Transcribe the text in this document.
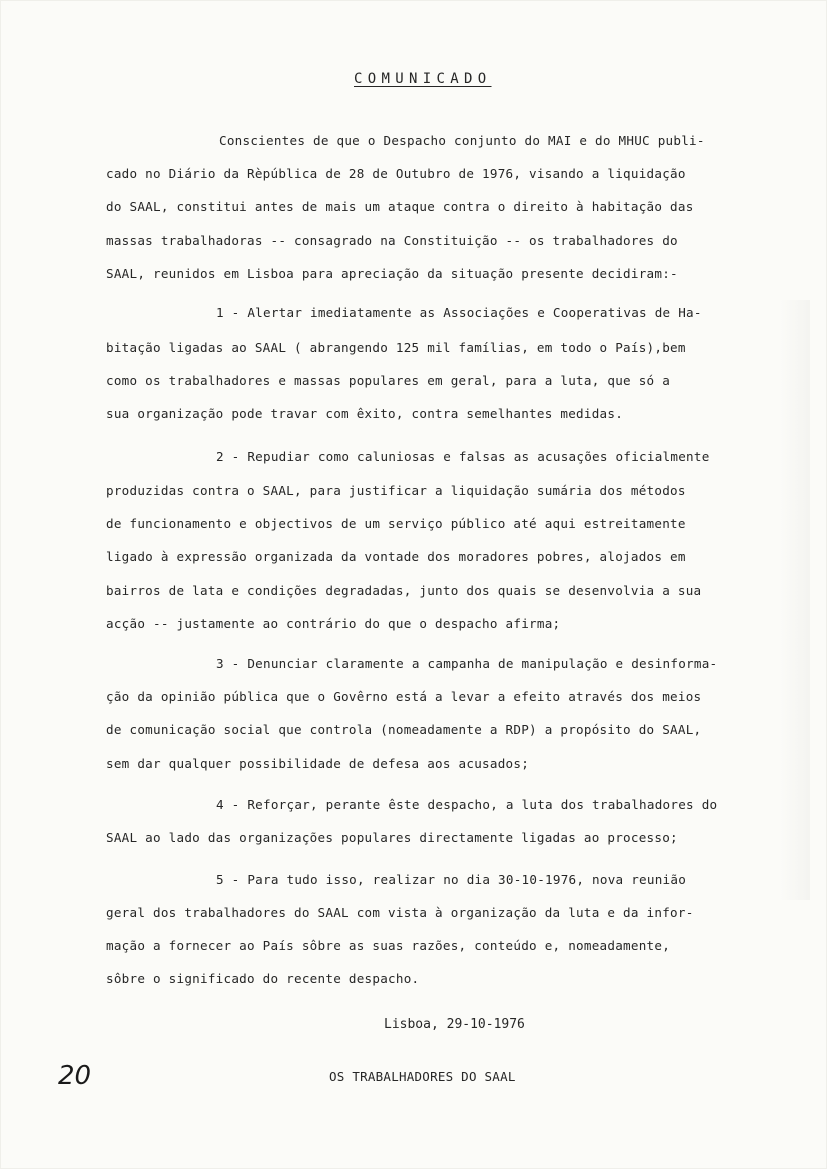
COMUNICADO
Conscientes de que o Despacho conjunto do MAI e do MHUC publi-
cado no Diário da Rèpública de 28 de Outubro de 1976, visando a liquidação
do SAAL, constitui antes de mais um ataque contra o direito à habitação das
massas trabalhadoras -- consagrado na Constituição -- os trabalhadores do
SAAL, reunidos em Lisboa para apreciação da situação presente decidiram:-
1 - Alertar imediatamente as Associações e Cooperativas de Ha-
bitação ligadas ao SAAL ( abrangendo 125 mil famílias, em todo o País),bem
como os trabalhadores e massas populares em geral, para a luta, que só a
sua organização pode travar com êxito, contra semelhantes medidas.
2 - Repudiar como caluniosas e falsas as acusações oficialmente
produzidas contra o SAAL, para justificar a liquidação sumária dos métodos
de funcionamento e objectivos de um serviço público até aqui estreitamente
ligado à expressão organizada da vontade dos moradores pobres, alojados em
bairros de lata e condições degradadas, junto dos quais se desenvolvia a sua
acção -- justamente ao contrário do que o despacho afirma;
3 - Denunciar claramente a campanha de manipulação e desinforma-
ção da opinião pública que o Govêrno está a levar a efeito através dos meios
de comunicação social que controla (nomeadamente a RDP) a propósito do SAAL,
sem dar qualquer possibilidade de defesa aos acusados;
4 - Reforçar, perante êste despacho, a luta dos trabalhadores do
SAAL ao lado das organizações populares directamente ligadas ao processo;
5 - Para tudo isso, realizar no dia 30-10-1976, nova reunião
geral dos trabalhadores do SAAL com vista à organização da luta e da infor-
mação a fornecer ao País sôbre as suas razões, conteúdo e, nomeadamente,
sôbre o significado do recente despacho.
Lisboa, 29-10-1976
20	OS TRABALHADORES DO SAAL
